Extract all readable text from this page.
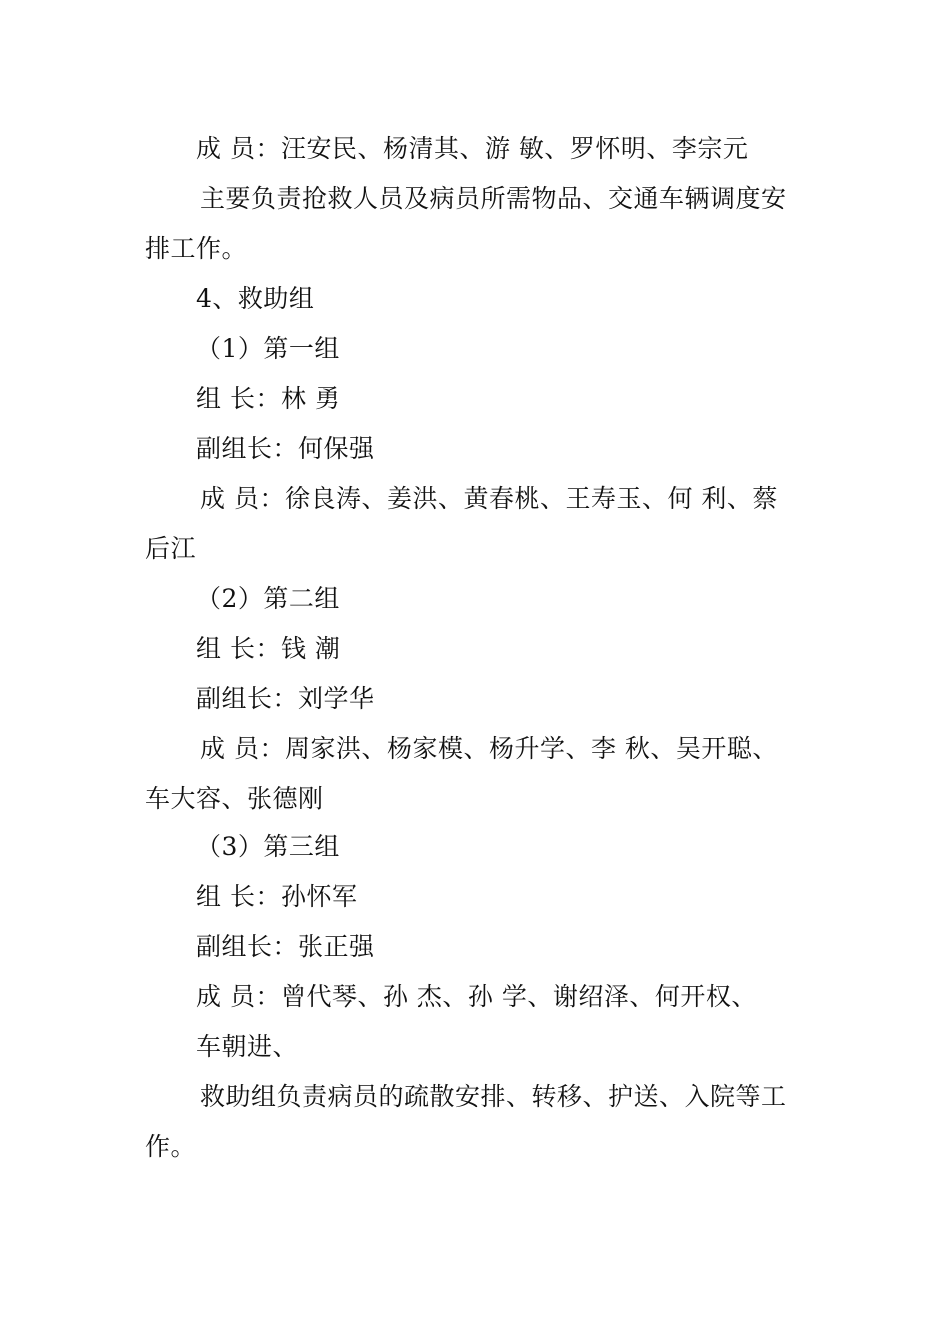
成 员：汪安民、杨清其、游 敏、罗怀明、李宗元
主要负责抢救人员及病员所需物品、交通车辆调度安
排工作。
4、救助组
（1）第一组
组 长：林 勇
副组长：何保强
成 员：徐良涛、姜洪、黄春桃、王寿玉、何 利、蔡
后江
（2）第二组
组 长：钱 潮
副组长：刘学华
成 员：周家洪、杨家模、杨升学、李 秋、吴开聪、
车大容、张德刚
（3）第三组
组 长：孙怀军
副组长：张正强
成 员：曾代琴、孙 杰、孙 学、谢绍泽、何开权、
车朝进、
救助组负责病员的疏散安排、转移、护送、入院等工
作。
